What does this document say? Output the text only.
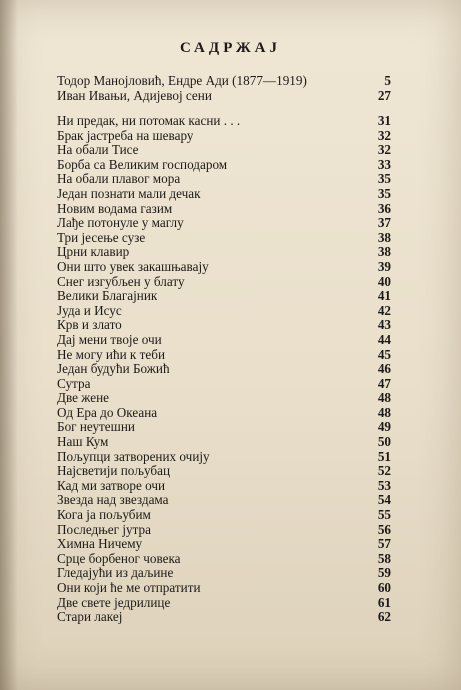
САДРЖАЈ
Тодор Манојловић, Ендре Ади (1877—1919)	5
Иван Ивањи, Адијевој сени	27
Ни предак, ни потомак касни . . .	31
Брак јастреба на шевару	32
На обали Тисе	32
Борба са Великим господаром	33
На обали плавог мора	35
Један познати мали дечак	35
Новим водама газим	36
Лађе потонуле у маглу	37
Три јесење сузе	38
Црни клавир	38
Они што увек закашњавају	39
Снег изгубљен у блату	40
Велики Благајник	41
Јуда и Исус	42
Крв и злато	43
Дај мени твоје очи	44
Не могу ићи к теби	45
Један будући Божић	46
Сутра	47
Две жене	48
Од Ера до Океана	48
Бог неутешни	49
Наш Кум	50
Пољупци затворених очију	51
Најсветији пољубац	52
Кад ми затворе очи	53
Звезда над звездама	54
Кога ја пољубим	55
Последњег јутра	56
Химна Ничему	57
Срце борбеног човека	58
Гледајући из даљине	59
Они који ће ме отпратити	60
Две свете једрилице	61
Стари лакеј	62
